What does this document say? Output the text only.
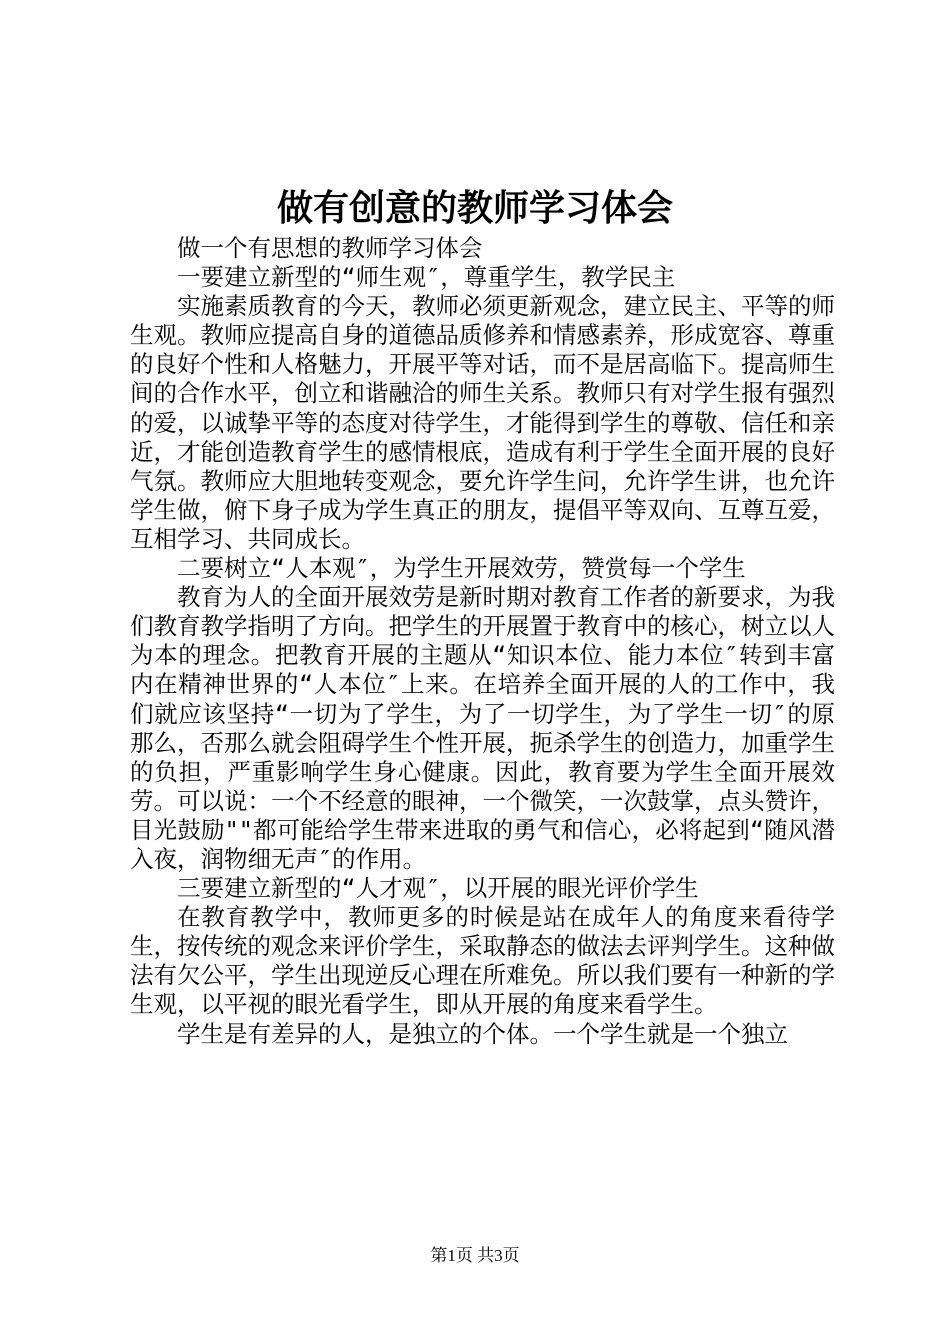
做有创意的教师学习体会

做一个有思想的教师学习体会

一要建立新型的“师生观″，尊重学生，教学民主

实施素质教育的今天，教师必须更新观念，建立民主、平等的师生观。教师应提高自身的道德品质修养和情感素养，形成宽容、尊重的良好个性和人格魅力，开展平等对话，而不是居高临下。提高师生间的合作水平，创立和谐融洽的师生关系。教师只有对学生报有强烈的爱，以诚挚平等的态度对待学生，才能得到学生的尊敬、信任和亲近，才能创造教育学生的感情根底，造成有利于学生全面开展的良好气氛。教师应大胆地转变观念，要允许学生问，允许学生讲，也允许学生做，俯下身子成为学生真正的朋友，提倡平等双向、互尊互爱，互相学习、共同成长。

二要树立“人本观″，为学生开展效劳，赞赏每一个学生

教育为人的全面开展效劳是新时期对教育工作者的新要求，为我们教育教学指明了方向。把学生的开展置于教育中的核心，树立以人为本的理念。把教育开展的主题从“知识本位、能力本位″转到丰富内在精神世界的“人本位″上来。在培养全面开展的人的工作中，我们就应该坚持“一切为了学生，为了一切学生，为了学生一切″的原那么，否那么就会阻碍学生个性开展，扼杀学生的创造力，加重学生的负担，严重影响学生身心健康。因此，教育要为学生全面开展效劳。可以说：一个不经意的眼神，一个微笑，一次鼓掌，点头赞许，目光鼓励""都可能给学生带来进取的勇气和信心，必将起到“随风潜入夜，润物细无声″的作用。

三要建立新型的“人才观″，以开展的眼光评价学生

在教育教学中，教师更多的时候是站在成年人的角度来看待学生，按传统的观念来评价学生，采取静态的做法去评判学生。这种做法有欠公平，学生出现逆反心理在所难免。所以我们要有一种新的学生观，以平视的眼光看学生，即从开展的角度来看学生。

学生是有差异的人，是独立的个体。一个学生就是一个独立

第1页 共3页
